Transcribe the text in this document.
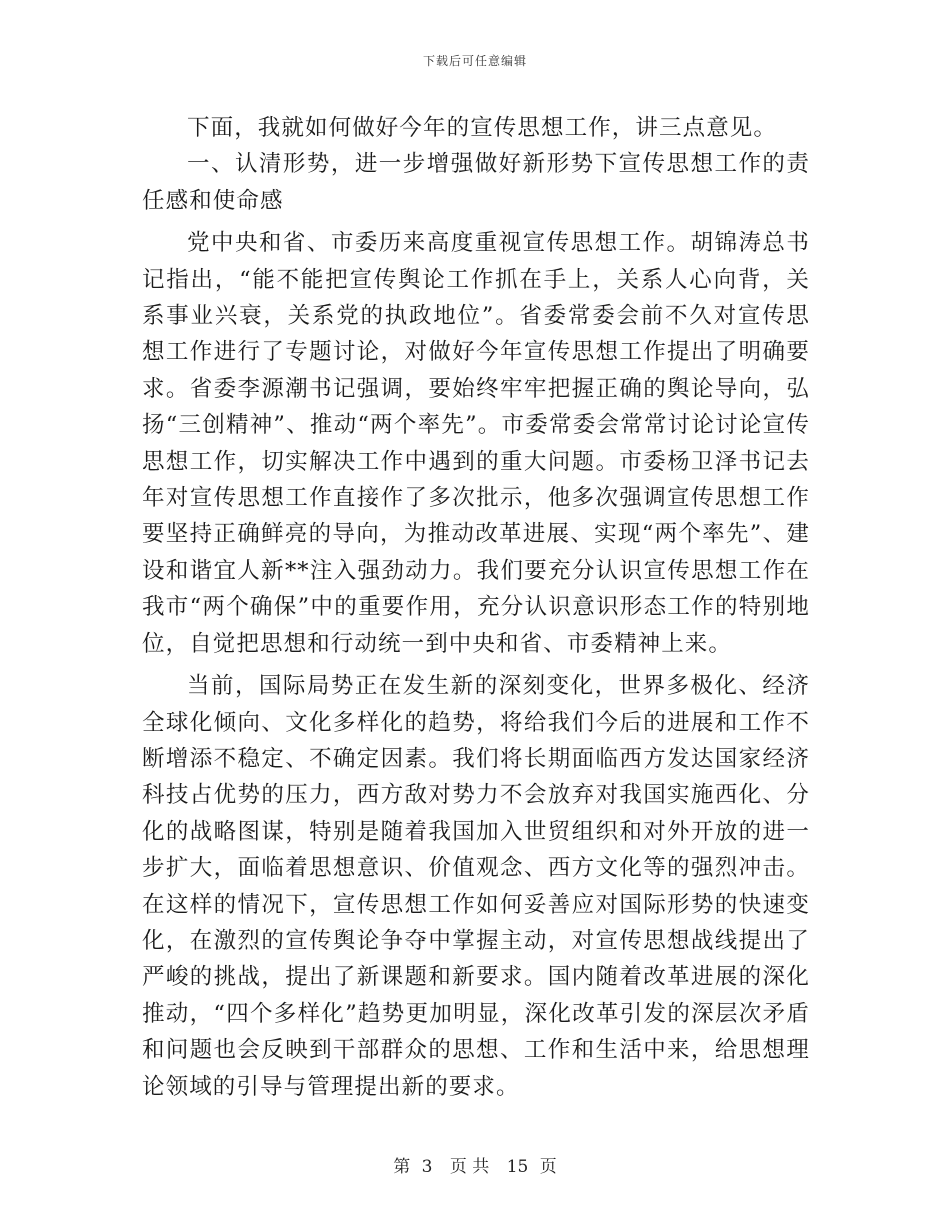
下载后可任意编辑

下面，我就如何做好今年的宣传思想工作，讲三点意见。

一、认清形势，进一步增强做好新形势下宣传思想工作的责任感和使命感

党中央和省、市委历来高度重视宣传思想工作。胡锦涛总书记指出，“能不能把宣传舆论工作抓在手上，关系人心向背，关系事业兴衰，关系党的执政地位”。省委常委会前不久对宣传思想工作进行了专题讨论，对做好今年宣传思想工作提出了明确要求。省委李源潮书记强调，要始终牢牢把握正确的舆论导向，弘扬“三创精神”、推动“两个率先”。市委常委会常常讨论讨论宣传思想工作，切实解决工作中遇到的重大问题。市委杨卫泽书记去年对宣传思想工作直接作了多次批示，他多次强调宣传思想工作要坚持正确鲜亮的导向，为推动改革进展、实现“两个率先”、建设和谐宜人新**注入强劲动力。我们要充分认识宣传思想工作在我市“两个确保”中的重要作用，充分认识意识形态工作的特别地位，自觉把思想和行动统一到中央和省、市委精神上来。

当前，国际局势正在发生新的深刻变化，世界多极化、经济全球化倾向、文化多样化的趋势，将给我们今后的进展和工作不断增添不稳定、不确定因素。我们将长期面临西方发达国家经济科技占优势的压力，西方敌对势力不会放弃对我国实施西化、分化的战略图谋，特别是随着我国加入世贸组织和对外开放的进一步扩大，面临着思想意识、价值观念、西方文化等的强烈冲击。在这样的情况下，宣传思想工作如何妥善应对国际形势的快速变化，在激烈的宣传舆论争夺中掌握主动，对宣传思想战线提出了严峻的挑战，提出了新课题和新要求。国内随着改革进展的深化推动，“四个多样化”趋势更加明显，深化改革引发的深层次矛盾和问题也会反映到干部群众的思想、工作和生活中来，给思想理论领域的引导与管理提出新的要求。

第 3 页 共 15 页
